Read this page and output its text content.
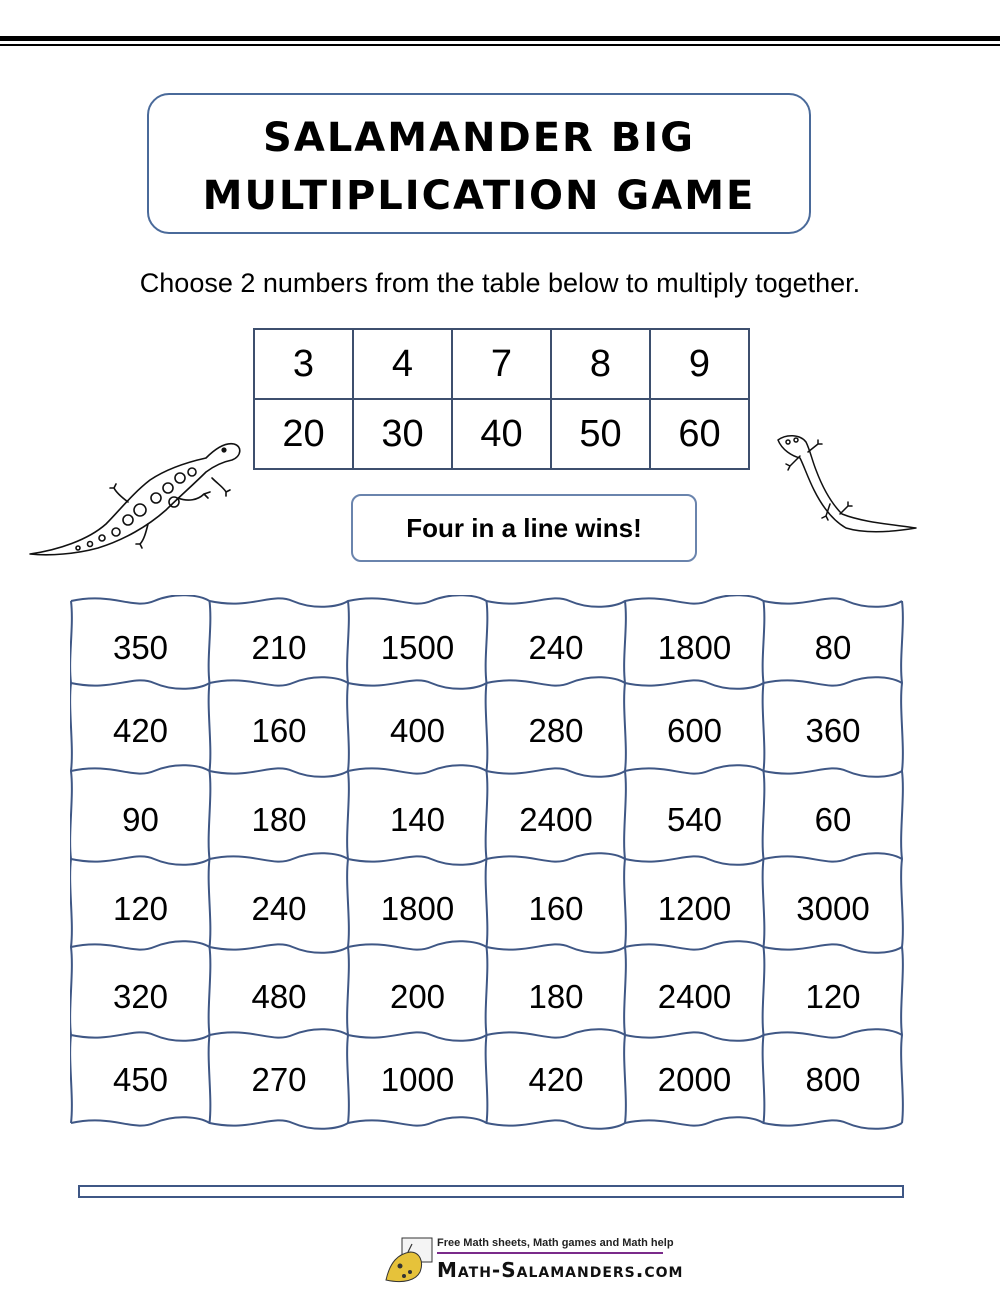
SALAMANDER BIG
MULTIPLICATION GAME
Choose 2 numbers from the table below to multiply together.
3	4	7	8	9
20	30	40	50	60
Four in a line wins!
350	210	1500	240	1800	80
420	160	400	280	600	360
90	180	140	2400	540	60
120	240	1800	160	1200	3000
320	480	200	180	2400	120
450	270	1000	420	2000	800
Free Math sheets, Math games and Math help
Math-Salamanders.com
